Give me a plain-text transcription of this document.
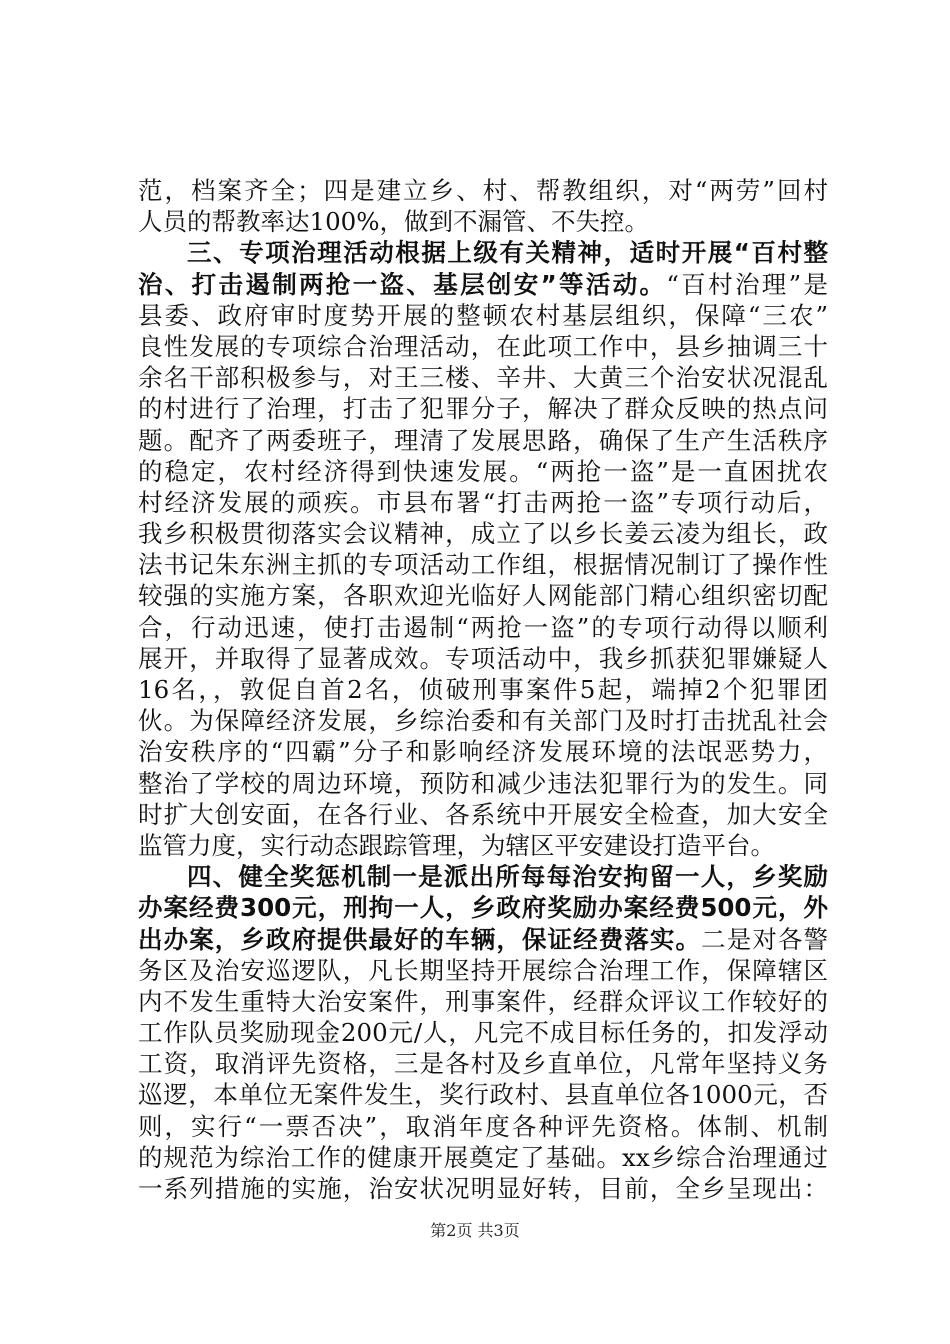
范，档案齐全；四是建立乡、村、帮教组织，对“两劳”回村
人员的帮教率达100%，做到不漏管、不失控。
三、专项治理活动根据上级有关精神，适时开展“百村整
治、打击遏制两抢一盗、基层创安”等活动。“百村治理”是
县委、政府审时度势开展的整顿农村基层组织，保障“三农”
良性发展的专项综合治理活动，在此项工作中，县乡抽调三十
余名干部积极参与，对王三楼、辛井、大黄三个治安状况混乱
的村进行了治理，打击了犯罪分子，解决了群众反映的热点问
题。配齐了两委班子，理清了发展思路，确保了生产生活秩序
的稳定，农村经济得到快速发展。“两抢一盗”是一直困扰农
村经济发展的顽疾。市县布署“打击两抢一盗”专项行动后，
我乡积极贯彻落实会议精神，成立了以乡长姜云凌为组长，政
法书记朱东洲主抓的专项活动工作组，根据情况制订了操作性
较强的实施方案，各职欢迎光临好人网能部门精心组织密切配
合，行动迅速，使打击遏制“两抢一盗”的专项行动得以顺利
展开，并取得了显著成效。专项活动中，我乡抓获犯罪嫌疑人
16名，，敦促自首2名，侦破刑事案件5起，端掉2个犯罪团
伙。为保障经济发展，乡综治委和有关部门及时打击扰乱社会
治安秩序的“四霸”分子和影响经济发展环境的法氓恶势力，
整治了学校的周边环境，预防和减少违法犯罪行为的发生。同
时扩大创安面，在各行业、各系统中开展安全检查，加大安全
监管力度，实行动态跟踪管理，为辖区平安建设打造平台。
四、健全奖惩机制一是派出所每每治安拘留一人，乡奖励
办案经费300元，刑拘一人，乡政府奖励办案经费500元，外
出办案，乡政府提供最好的车辆，保证经费落实。二是对各警
务区及治安巡逻队，凡长期坚持开展综合治理工作，保障辖区
内不发生重特大治安案件，刑事案件，经群众评议工作较好的
工作队员奖励现金200元/人，凡完不成目标任务的，扣发浮动
工资，取消评先资格，三是各村及乡直单位，凡常年坚持义务
巡逻，本单位无案件发生，奖行政村、县直单位各1000元，否
则，实行“一票否决”，取消年度各种评先资格。体制、机制
的规范为综治工作的健康开展奠定了基础。xx乡综合治理通过
一系列措施的实施，治安状况明显好转，目前，全乡呈现出：
第2页 共3页
